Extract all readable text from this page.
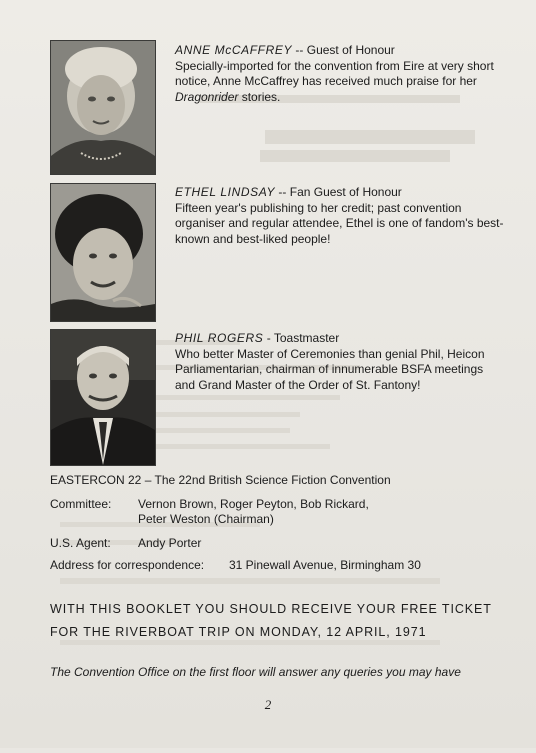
ANNE McCAFFREY -- Guest of Honour
Specially-imported for the convention from Eire at very short notice, Anne McCaffrey has received much praise for her Dragonrider stories.
ETHEL LINDSAY -- Fan Guest of Honour
Fifteen year's publishing to her credit; past convention organiser and regular attendee, Ethel is one of fandom's best-known and best-liked people!
PHIL ROGERS - Toastmaster
Who better Master of Ceremonies than genial Phil, Heicon Parliamentarian, chairman of innumerable BSFA meetings and Grand Master of the Order of St. Fantony!
EASTERCON 22 – The 22nd British Science Fiction Convention
Committee: Vernon Brown, Roger Peyton, Bob Rickard,
Peter Weston (Chairman)
U.S. Agent: Andy Porter
Address for correspondence: 31 Pinewall Avenue, Birmingham 30
WITH THIS BOOKLET YOU SHOULD RECEIVE YOUR FREE TICKET
FOR THE RIVERBOAT TRIP ON MONDAY, 12 APRIL, 1971
The Convention Office on the first floor will answer any queries you may have
2
